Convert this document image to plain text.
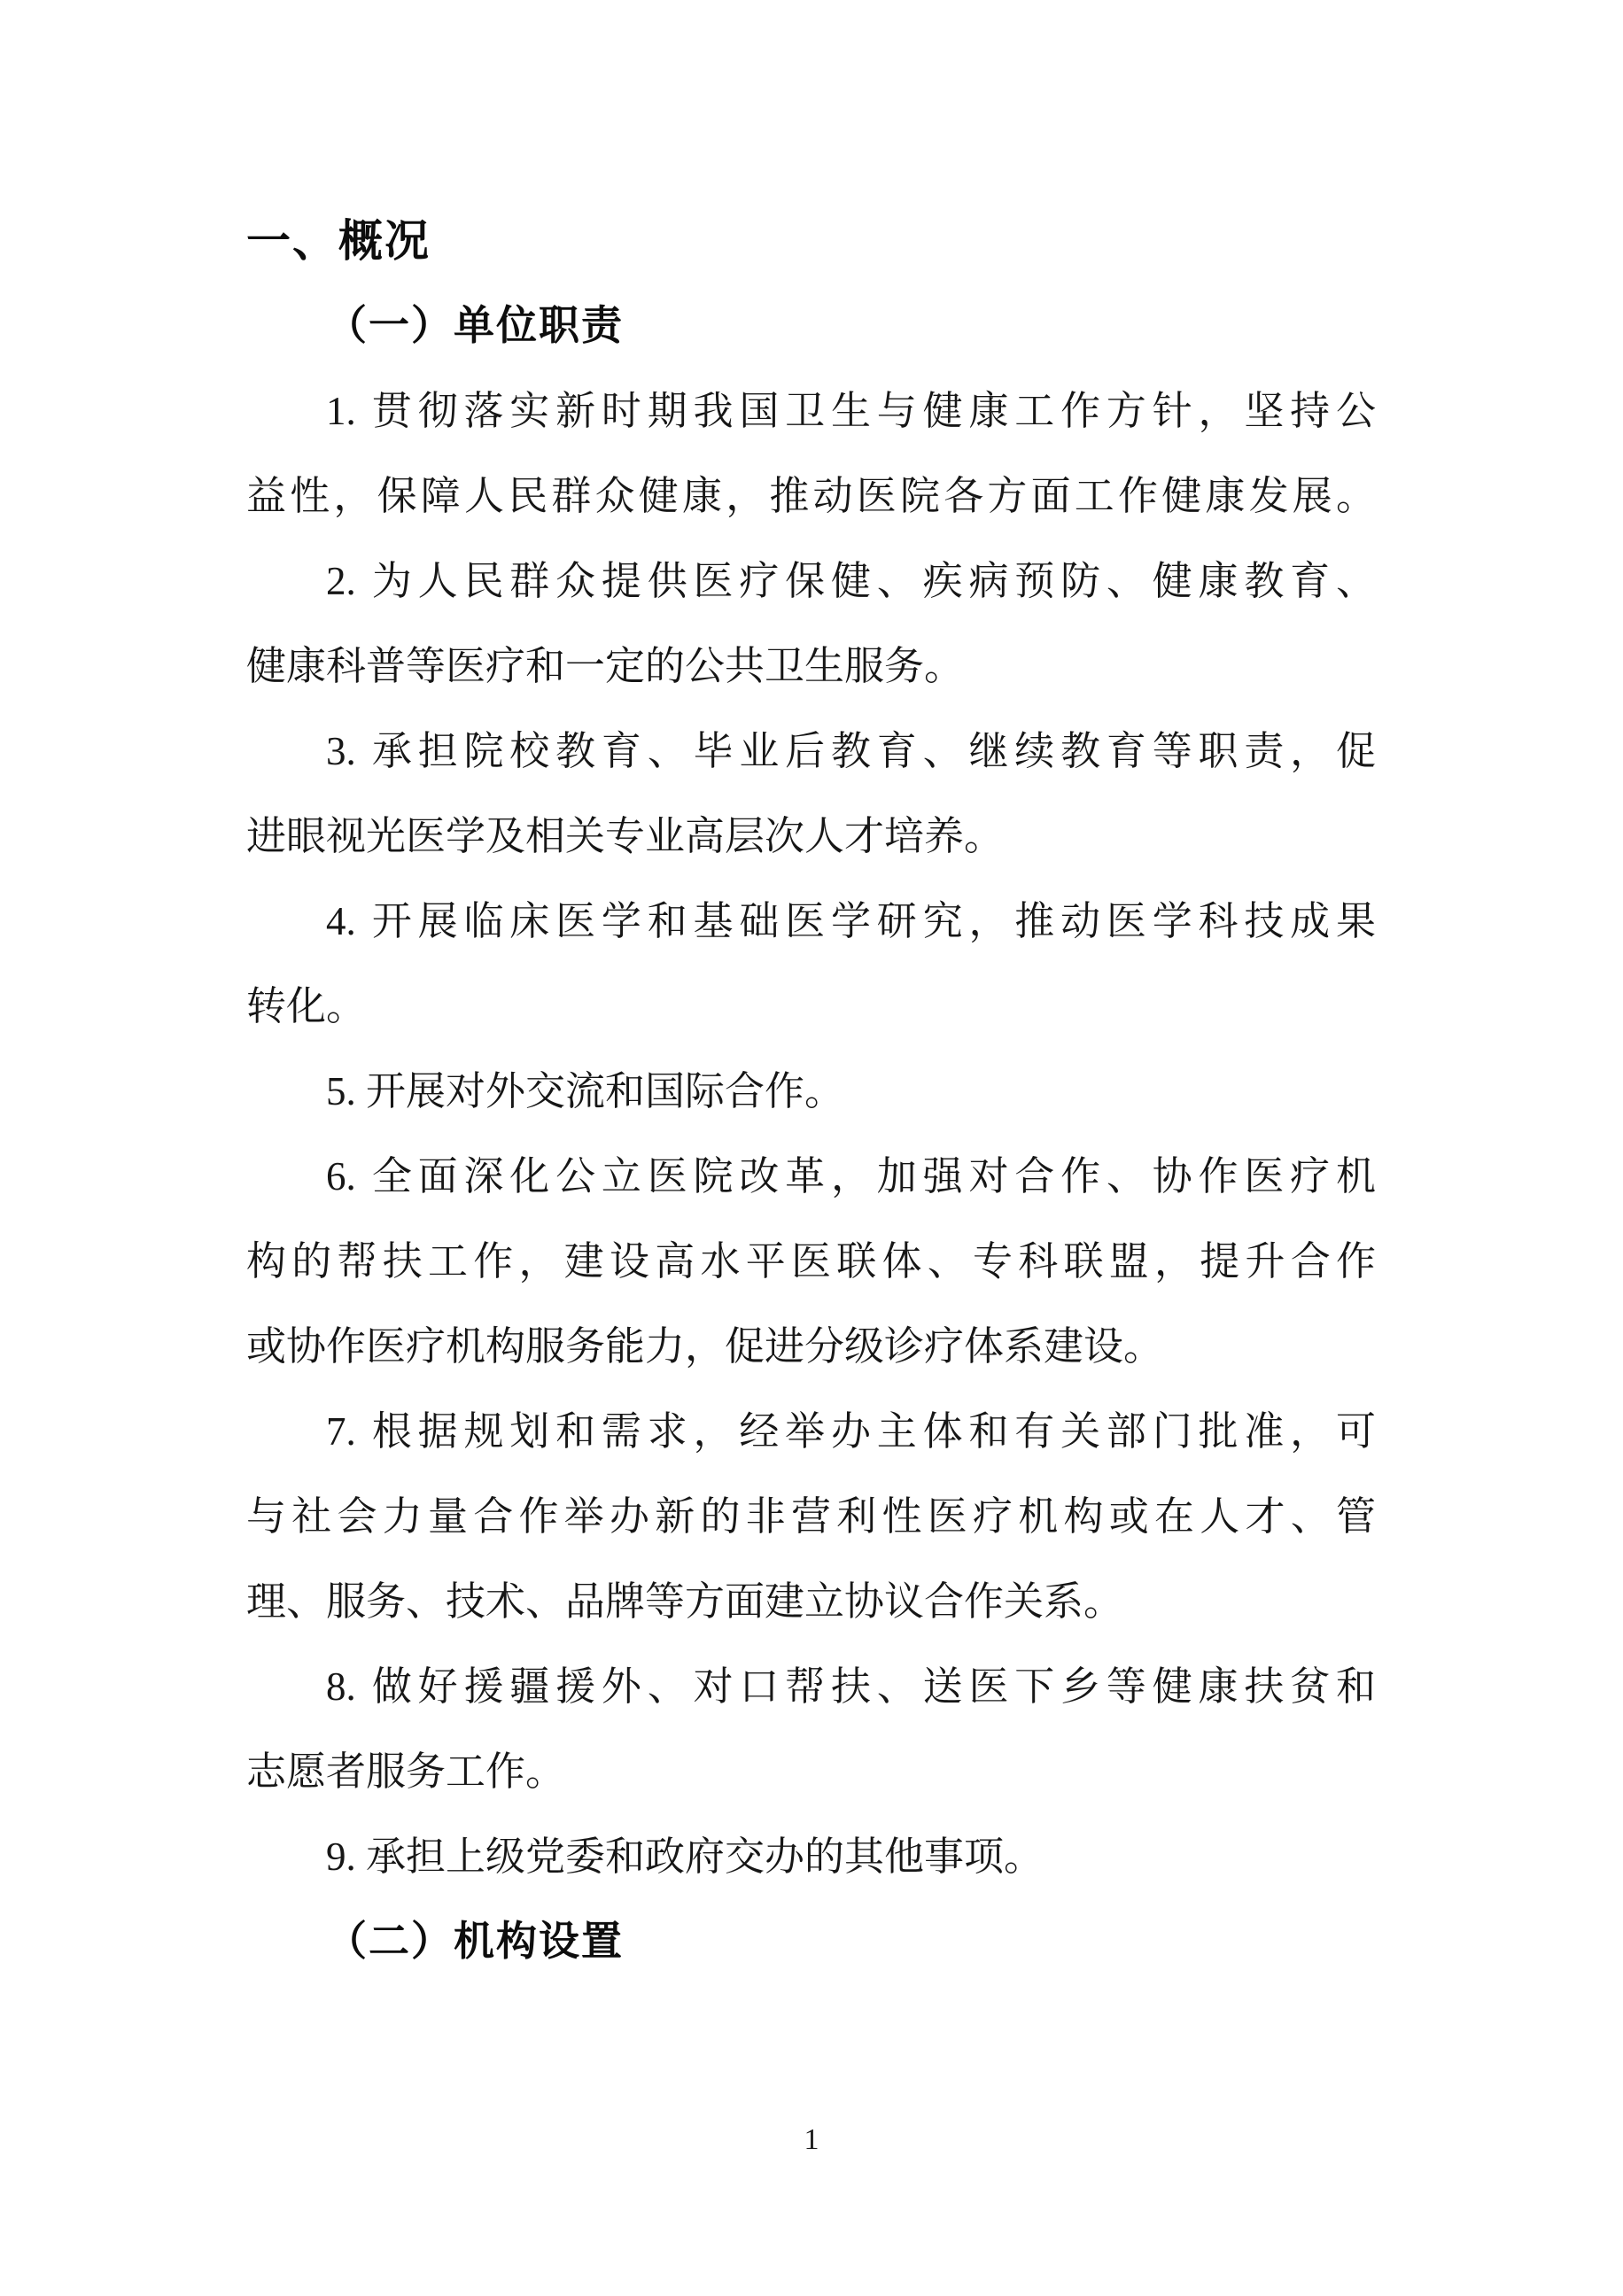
一、概况
（一）单位职责
1. 贯彻落实新时期我国卫生与健康工作方针，坚持公
益性，保障人民群众健康，推动医院各方面工作健康发展。
2. 为人民群众提供医疗保健、疾病预防、健康教育、
健康科普等医疗和一定的公共卫生服务。
3. 承担院校教育、毕业后教育、继续教育等职责，促
进眼视光医学及相关专业高层次人才培养。
4. 开展临床医学和基础医学研究，推动医学科技成果
转化。
5. 开展对外交流和国际合作。
6. 全面深化公立医院改革，加强对合作、协作医疗机
构的帮扶工作，建设高水平医联体、专科联盟，提升合作
或协作医疗机构服务能力，促进分级诊疗体系建设。
7. 根据规划和需求，经举办主体和有关部门批准，可
与社会力量合作举办新的非营利性医疗机构或在人才、管
理、服务、技术、品牌等方面建立协议合作关系。
8. 做好援疆援外、对口帮扶、送医下乡等健康扶贫和
志愿者服务工作。
9. 承担上级党委和政府交办的其他事项。
（二）机构设置
1
